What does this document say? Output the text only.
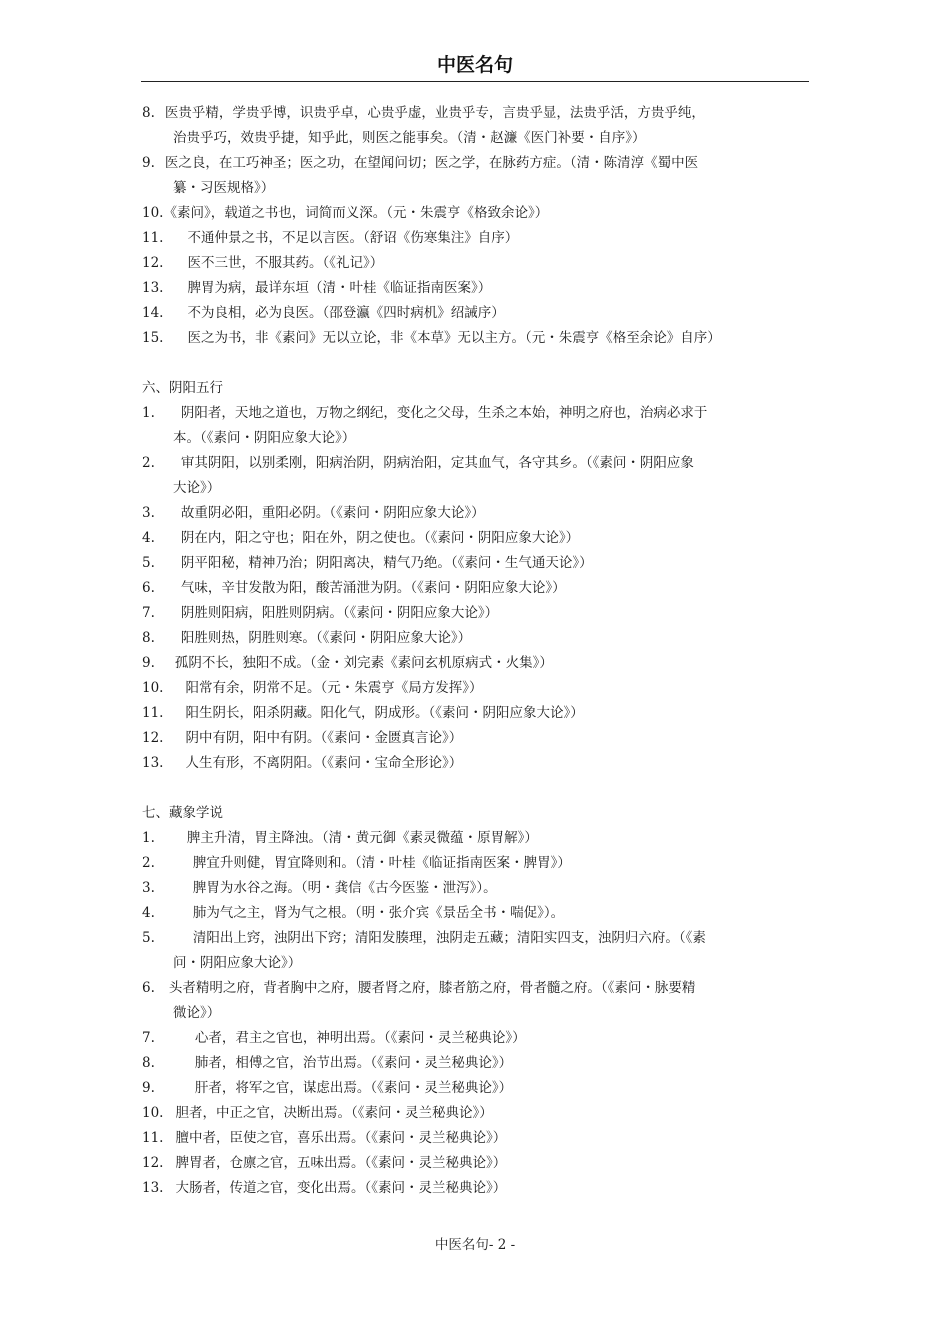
中医名句
8. 医贵乎精，学贵乎博，识贵乎卓，心贵乎虚，业贵乎专，言贵乎显，法贵乎活，方贵乎纯，
治贵乎巧，效贵乎捷，知乎此，则医之能事矣。（清・赵濂《医门补要・自序》）
9. 医之良，在工巧神圣；医之功，在望闻问切；医之学，在脉药方症。（清・陈清淳《蜀中医
纂・习医规格》）
10.《素问》，载道之书也，词简而义深。（元・朱震亨《格致余论》）
11. 不通仲景之书，不足以言医。（舒诏《伤寒集注》自序）
12. 医不三世，不服其药。（《礼记》）
13. 脾胃为病，最详东垣（清・叶桂《临证指南医案》）
14. 不为良相，必为良医。（邵登瀛《四时病机》绍誡序）
15. 医之为书，非《素问》无以立论，非《本草》无以主方。（元・朱震亨《格至余论》自序）
六、阴阳五行
1. 阴阳者，天地之道也，万物之纲纪，变化之父母，生杀之本始，神明之府也，治病必求于
本。（《素问・阴阳应象大论》）
2. 审其阴阳，以别柔刚，阳病治阴，阴病治阳，定其血气，各守其乡。（《素问・阴阳应象
大论》）
3. 故重阴必阳，重阳必阴。（《素问・阴阳应象大论》）
4. 阴在内，阳之守也；阳在外，阴之使也。（《素问・阴阳应象大论》）
5. 阴平阳秘，精神乃治；阴阳离决，精气乃绝。（《素问・生气通天论》）
6. 气味，辛甘发散为阳，酸苦涌泄为阴。（《素问・阴阳应象大论》）
7. 阴胜则阳病，阳胜则阴病。（《素问・阴阳应象大论》）
8. 阳胜则热，阴胜则寒。（《素问・阴阳应象大论》）
9. 孤阴不长，独阳不成。（金・刘完素《素问玄机原病式・火集》）
10. 阳常有余，阴常不足。（元・朱震亨《局方发挥》）
11. 阳生阴长，阳杀阴藏。阳化气，阴成形。（《素问・阴阳应象大论》）
12. 阴中有阴，阳中有阴。（《素问・金匮真言论》）
13. 人生有形，不离阴阳。（《素问・宝命全形论》）
七、藏象学说
1. 脾主升清，胃主降浊。（清・黄元御《素灵微蕴・原胃解》）
2.	脾宜升则健，胃宜降则和。（清・叶桂《临证指南医案・脾胃》）
3.	脾胃为水谷之海。（明・龚信《古今医鉴・泄泻》）。
4.	肺为气之主，肾为气之根。（明・张介宾《景岳全书・喘促》）。
5.	清阳出上窍，浊阴出下窍；清阳发腠理，浊阴走五藏；清阳实四支，浊阴归六府。（《素
问・阴阳应象大论》）
6. 头者精明之府，背者胸中之府，腰者肾之府，膝者筋之府，骨者髓之府。（《素问・脉要精
微论》）
7.	心者，君主之官也，神明出焉。（《素问・灵兰秘典论》）
8.	肺者，相傅之官，治节出焉。（《素问・灵兰秘典论》）
9.	肝者，将军之官，谋虑出焉。（《素问・灵兰秘典论》）
10. 胆者，中正之官，决断出焉。（《素问・灵兰秘典论》）
11. 膻中者，臣使之官，喜乐出焉。（《素问・灵兰秘典论》）
12. 脾胃者，仓廪之官，五味出焉。（《素问・灵兰秘典论》）
13. 大肠者，传道之官，变化出焉。（《素问・灵兰秘典论》）
中医名句- 2 -
